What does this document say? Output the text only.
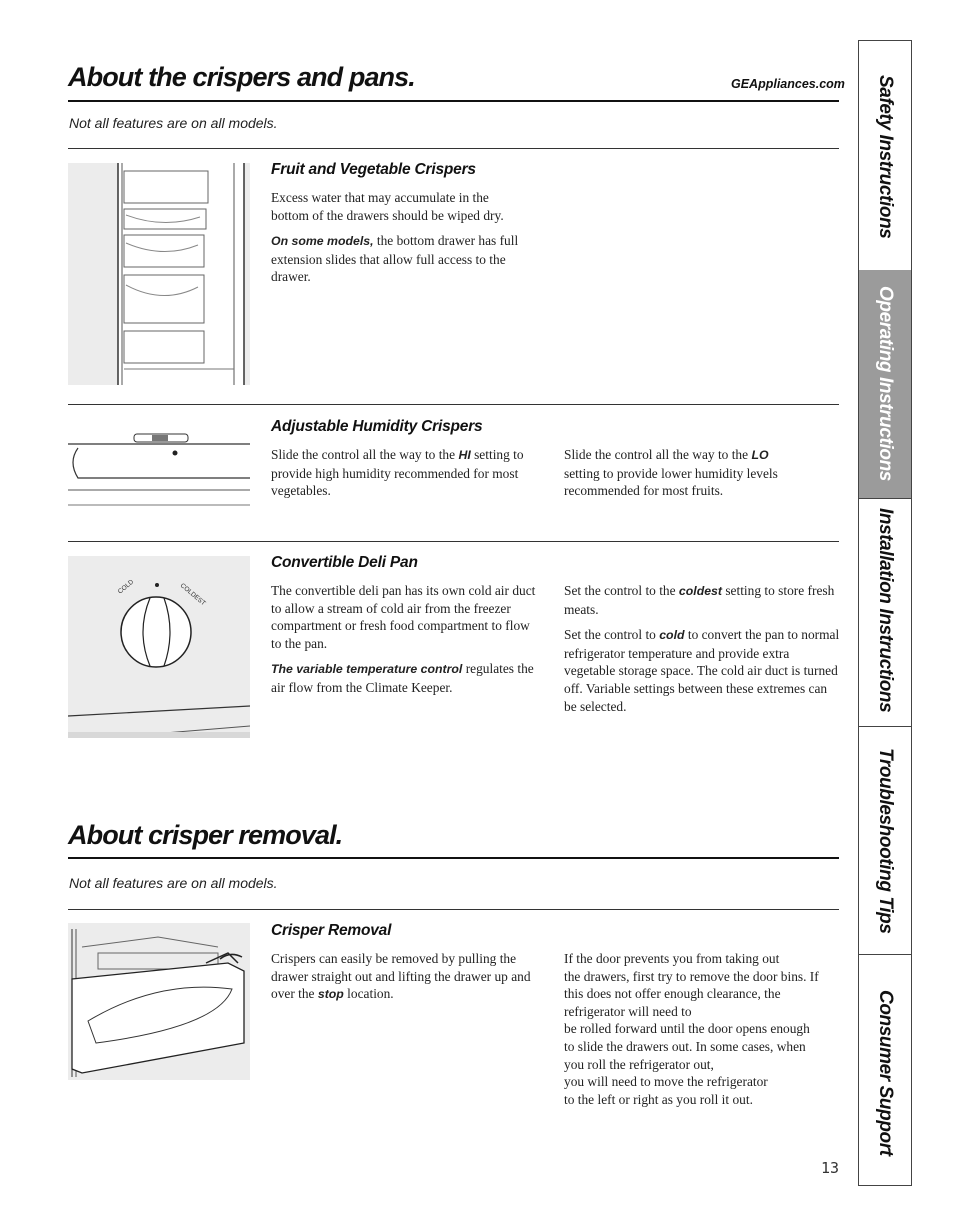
About the crispers and pans.	GEAppliances.com
Not all features are on all models.
Fruit and Vegetable Crispers

Excess water that may accumulate in the bottom of the drawers should be wiped dry.

On some models, the bottom drawer has full extension slides that allow full access to the drawer.

Adjustable Humidity Crispers
Slide the control all the way to the HI setting to provide high humidity recommended for most vegetables.
Slide the control all the way to the LO setting to provide lower humidity levels recommended for most fruits.
COLD	COLDEST
Convertible Deli Pan

The convertible deli pan has its own cold air duct to allow a stream of cold air from the freezer compartment or fresh food compartment to flow to the pan.

The variable temperature control regulates the air flow from the Climate Keeper.

Set the control to the coldest setting to store fresh meats.

Set the control to cold to convert the pan to normal refrigerator temperature and provide extra vegetable storage space. The cold air duct is turned off. Variable settings between these extremes can be selected.

About crisper removal.
Not all features are on all models.
Crisper Removal
Crispers can easily be removed by pulling the drawer straight out and lifting the drawer up and over the stop location.
If the door prevents you from taking out
the drawers, first try to remove the door bins. If
this does not offer enough clearance, the
refrigerator will need to
be rolled forward until the door opens enough
to slide the drawers out. In some cases, when
you roll the refrigerator out,
you will need to move the refrigerator
to the left or right as you roll it out.
13
Safety Instructions
Operating Instructions
Installation Instructions
Troubleshooting Tips
Consumer Support
